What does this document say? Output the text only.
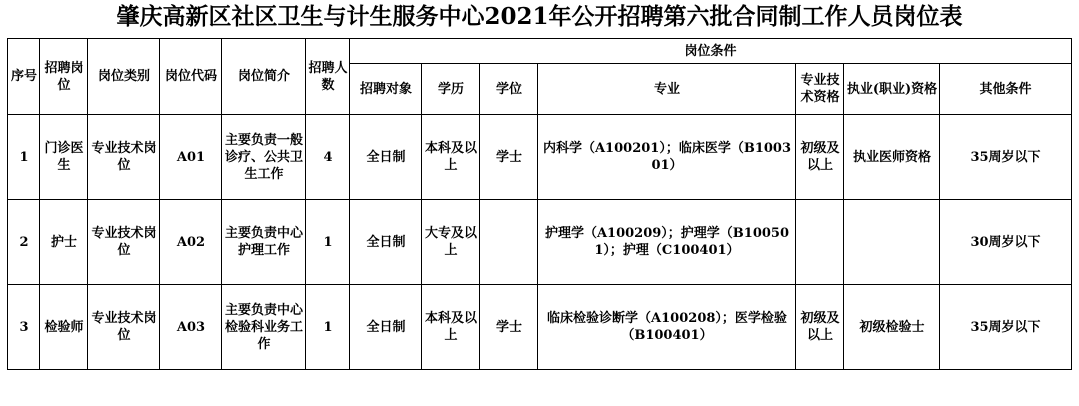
肇庆高新区社区卫生与计生服务中心2021年公开招聘第六批合同制工作人员岗位表
序号	招聘岗位	岗位类别	岗位代码	岗位简介	招聘人数	岗位条件						
						招聘对象	学历	学位	专业	专业技术资格	执业(职业)资格	其他条件
1	门诊医生	专业技术岗位	A01	主要负责一般诊疗、公共卫生工作	4	全日制	本科及以上	学士	内科学（A100201）；临床医学（B100301）	初级及以上	执业医师资格	35周岁以下
2	护士	专业技术岗位	A02	主要负责中心护理工作	1	全日制	大专及以上		护理学（A100209）；护理学（B100501）；护理（C100401）			30周岁以下
3	检验师	专业技术岗位	A03	主要负责中心检验科业务工作	1	全日制	本科及以上	学士	临床检验诊断学（A100208）；医学检验（B100401）	初级及以上	初级检验士	35周岁以下
